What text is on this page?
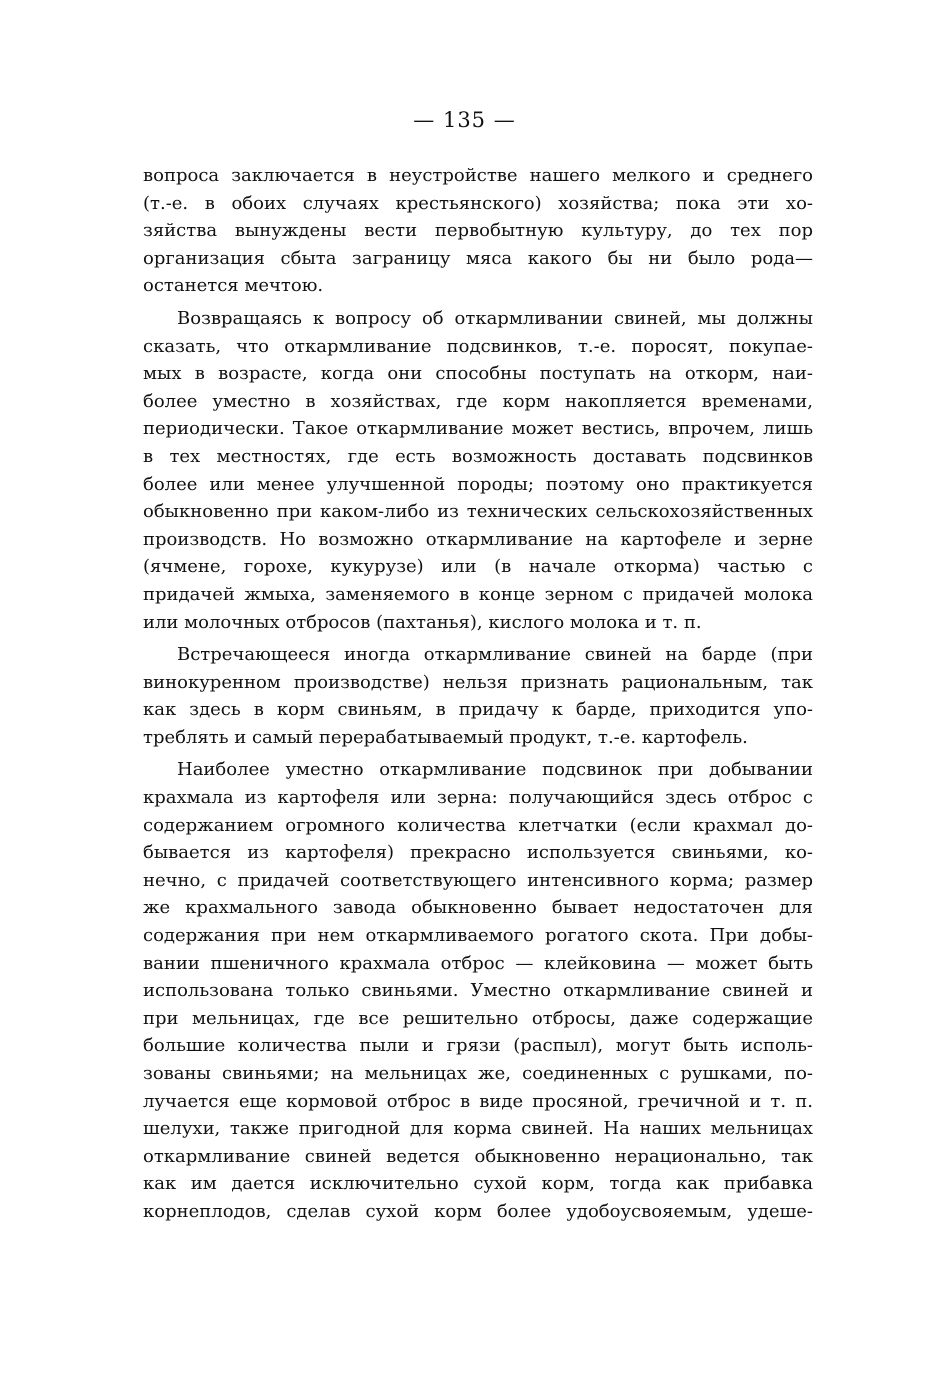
— 135 —
вопроса заключается в неустройстве нашего мелкого и среднего
(т.-е. в обоих случаях крестьянского) хозяйства; пока эти хо-
зяйства вынуждены вести первобытную культуру, до тех пор
организация сбыта заграницу мяса какого бы ни было рода—
останется мечтою.
Возвращаясь к вопросу об откармливании свиней, мы должны
сказать, что откармливание подсвинков, т.-е. поросят, покупае-
мых в возрасте, когда они способны поступать на откорм, наи-
более уместно в хозяйствах, где корм накопляется временами,
периодически. Такое откармливание может вестись, впрочем, лишь
в тех местностях, где есть возможность доставать подсвинков
более или менее улучшенной породы; поэтому оно практикуется
обыкновенно при каком-либо из технических сельскохозяйственных
производств. Но возможно откармливание на картофеле и зерне
(ячмене, горохе, кукурузе) или (в начале откорма) частью с
придачей жмыха, заменяемого в конце зерном с придачей молока
или молочных отбросов (пахтанья), кислого молока и т. п.
Встречающееся иногда откармливание свиней на барде (при
винокуренном производстве) нельзя признать рациональным, так
как здесь в корм свиньям, в придачу к барде, приходится упо-
треблять и самый перерабатываемый продукт, т.-е. картофель.
Наиболее уместно откармливание подсвинок при добывании
крахмала из картофеля или зерна: получающийся здесь отброс с
содержанием огромного количества клетчатки (если крахмал до-
бывается из картофеля) прекрасно используется свиньями, ко-
нечно, с придачей соответствующего интенсивного корма; размер
же крахмального завода обыкновенно бывает недостаточен для
содержания при нем откармливаемого рогатого скота. При добы-
вании пшеничного крахмала отброс — клейковина — может быть
использована только свиньями. Уместно откармливание свиней и
при мельницах, где все решительно отбросы, даже содержащие
большие количества пыли и грязи (распыл), могут быть исполь-
зованы свиньями; на мельницах же, соединенных с рушками, по-
лучается еще кормовой отброс в виде просяной, гречичной и т. п.
шелухи, также пригодной для корма свиней. На наших мельницах
откармливание свиней ведется обыкновенно нерационально, так
как им дается исключительно сухой корм, тогда как прибавка
корнеплодов, сделав сухой корм более удобоусвояемым, удеше-
